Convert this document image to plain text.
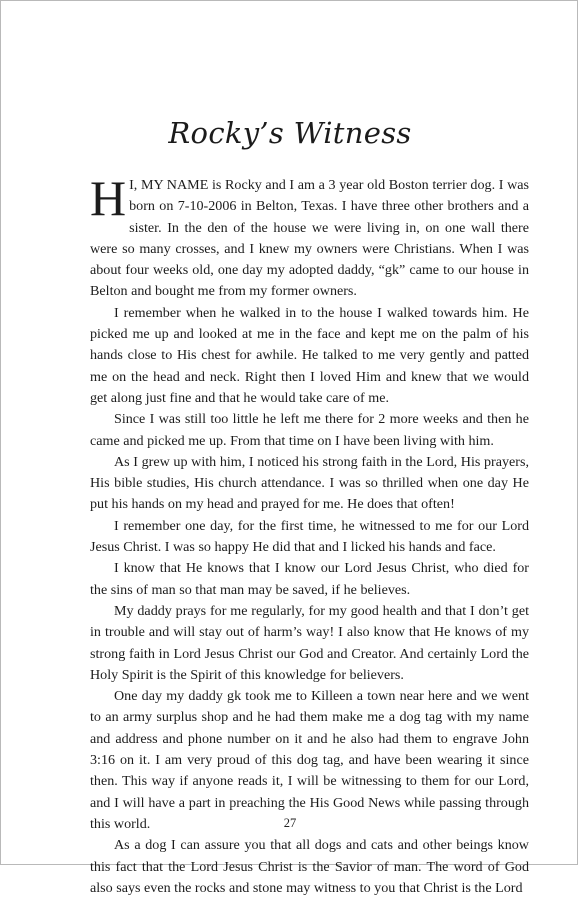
Rocky’s Witness

H I, MY NAME is Rocky and I am a 3 year old Boston terrier dog. I was born on 7-10-2006 in Belton, Texas. I have three other brothers and a sister. In the den of the house we were living in, on one wall there were so many crosses, and I knew my owners were Christians. When I was about four weeks old, one day my adopted daddy, “gk” came to our house in Belton and bought me from my former owners.

I remember when he walked in to the house I walked towards him. He picked me up and looked at me in the face and kept me on the palm of his hands close to His chest for awhile. He talked to me very gently and patted me on the head and neck. Right then I loved Him and knew that we would get along just fine and that he would take care of me.

Since I was still too little he left me there for 2 more weeks and then he came and picked me up. From that time on I have been living with him.

As I grew up with him, I noticed his strong faith in the Lord, His prayers, His bible studies, His church attendance. I was so thrilled when one day He put his hands on my head and prayed for me. He does that often!

I remember one day, for the first time, he witnessed to me for our Lord Jesus Christ. I was so happy He did that and I licked his hands and face.

I know that He knows that I know our Lord Jesus Christ, who died for the sins of man so that man may be saved, if he believes.

My daddy prays for me regularly, for my good health and that I don’t get in trouble and will stay out of harm’s way! I also know that He knows of my strong faith in Lord Jesus Christ our God and Creator. And certainly Lord the Holy Spirit is the Spirit of this knowledge for believers.

One day my daddy gk took me to Killeen a town near here and we went to an army surplus shop and he had them make me a dog tag with my name and address and phone number on it and he also had them to engrave John 3:16 on it. I am very proud of this dog tag, and have been wearing it since then. This way if anyone reads it, I will be witnessing to them for our Lord, and I will have a part in preaching the His Good News while passing through this world.

As a dog I can assure you that all dogs and cats and other beings know this fact that the Lord Jesus Christ is the Savior of man. The word of God also says even the rocks and stone may witness to you that Christ is the Lord

27
